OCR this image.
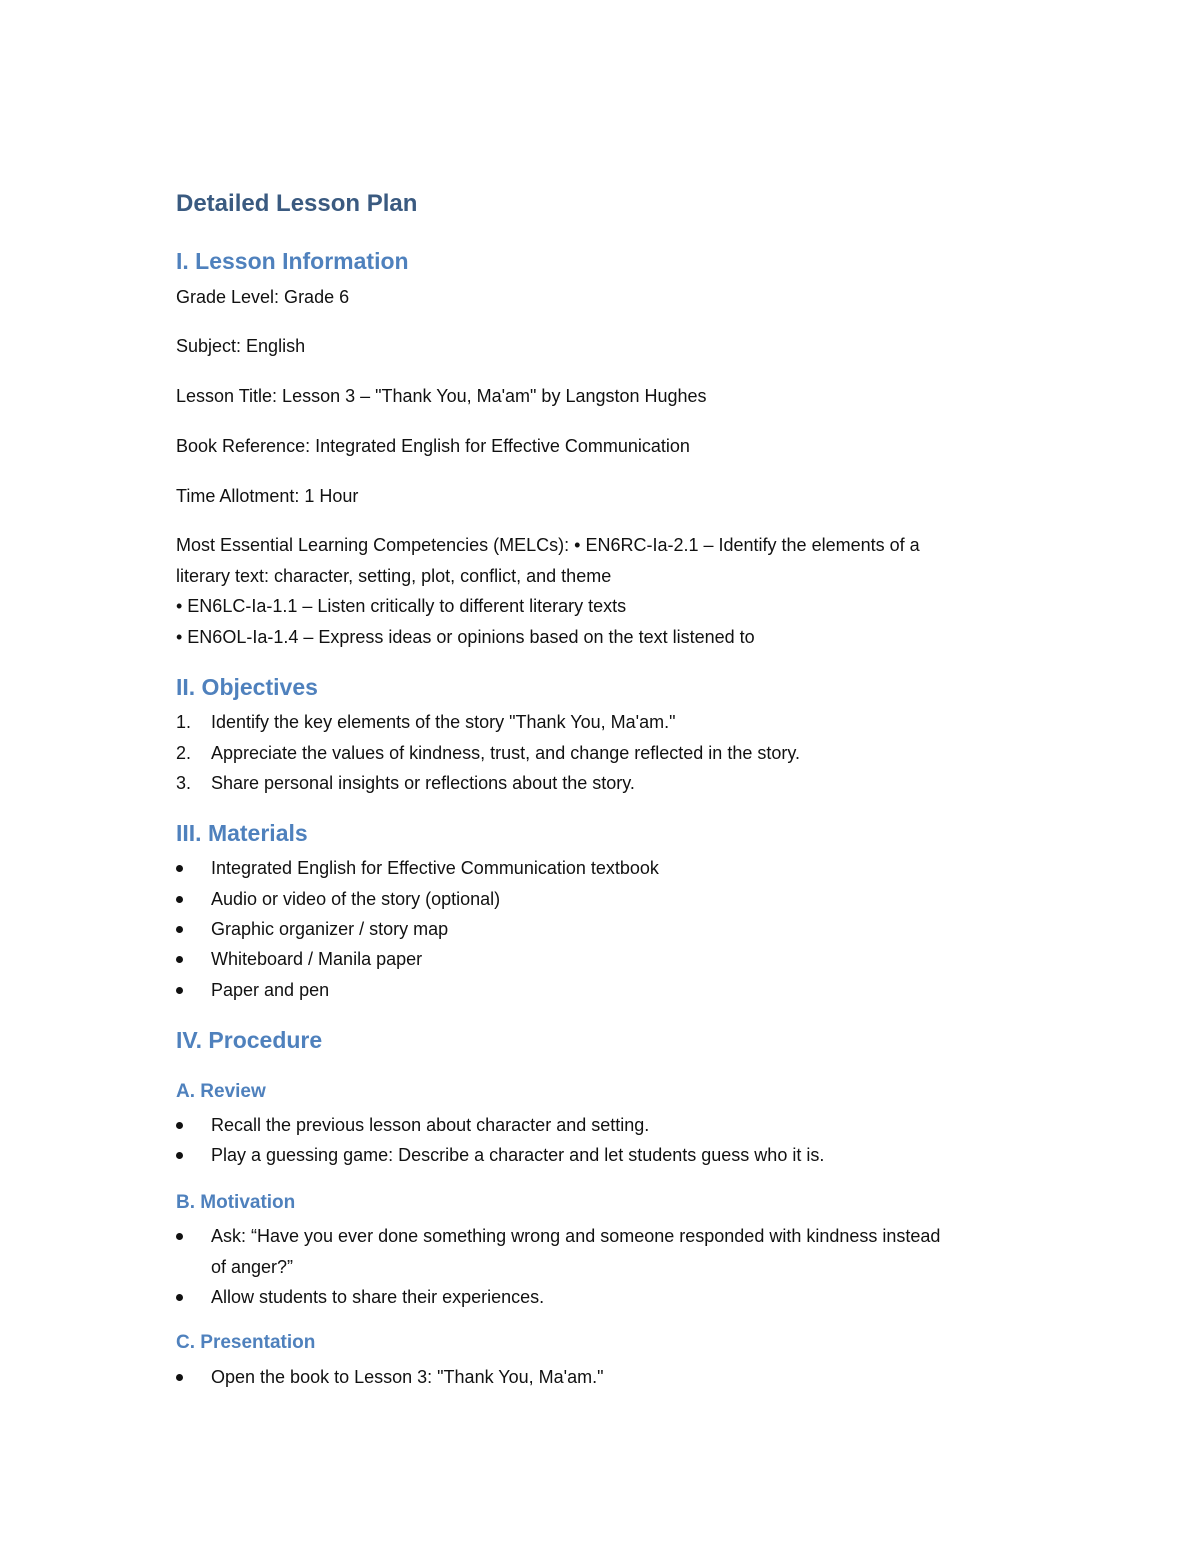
Detailed Lesson Plan
I. Lesson Information
Grade Level: Grade 6
Subject: English
Lesson Title: Lesson 3 – "Thank You, Ma'am" by Langston Hughes
Book Reference: Integrated English for Effective Communication
Time Allotment: 1 Hour
Most Essential Learning Competencies (MELCs): • EN6RC-Ia-2.1 – Identify the elements of a
literary text: character, setting, plot, conflict, and theme
• EN6LC-Ia-1.1 – Listen critically to different literary texts
• EN6OL-Ia-1.4 – Express ideas or opinions based on the text listened to
II. Objectives
1.	Identify the key elements of the story "Thank You, Ma'am."
2.	Appreciate the values of kindness, trust, and change reflected in the story.
3.	Share personal insights or reflections about the story.
III. Materials
Integrated English for Effective Communication textbook
Audio or video of the story (optional)
Graphic organizer / story map
Whiteboard / Manila paper
Paper and pen
IV. Procedure
A. Review
Recall the previous lesson about character and setting.
Play a guessing game: Describe a character and let students guess who it is.
B. Motivation
Ask: “Have you ever done something wrong and someone responded with kindness instead
of anger?”
Allow students to share their experiences.
C. Presentation
Open the book to Lesson 3: "Thank You, Ma'am."
